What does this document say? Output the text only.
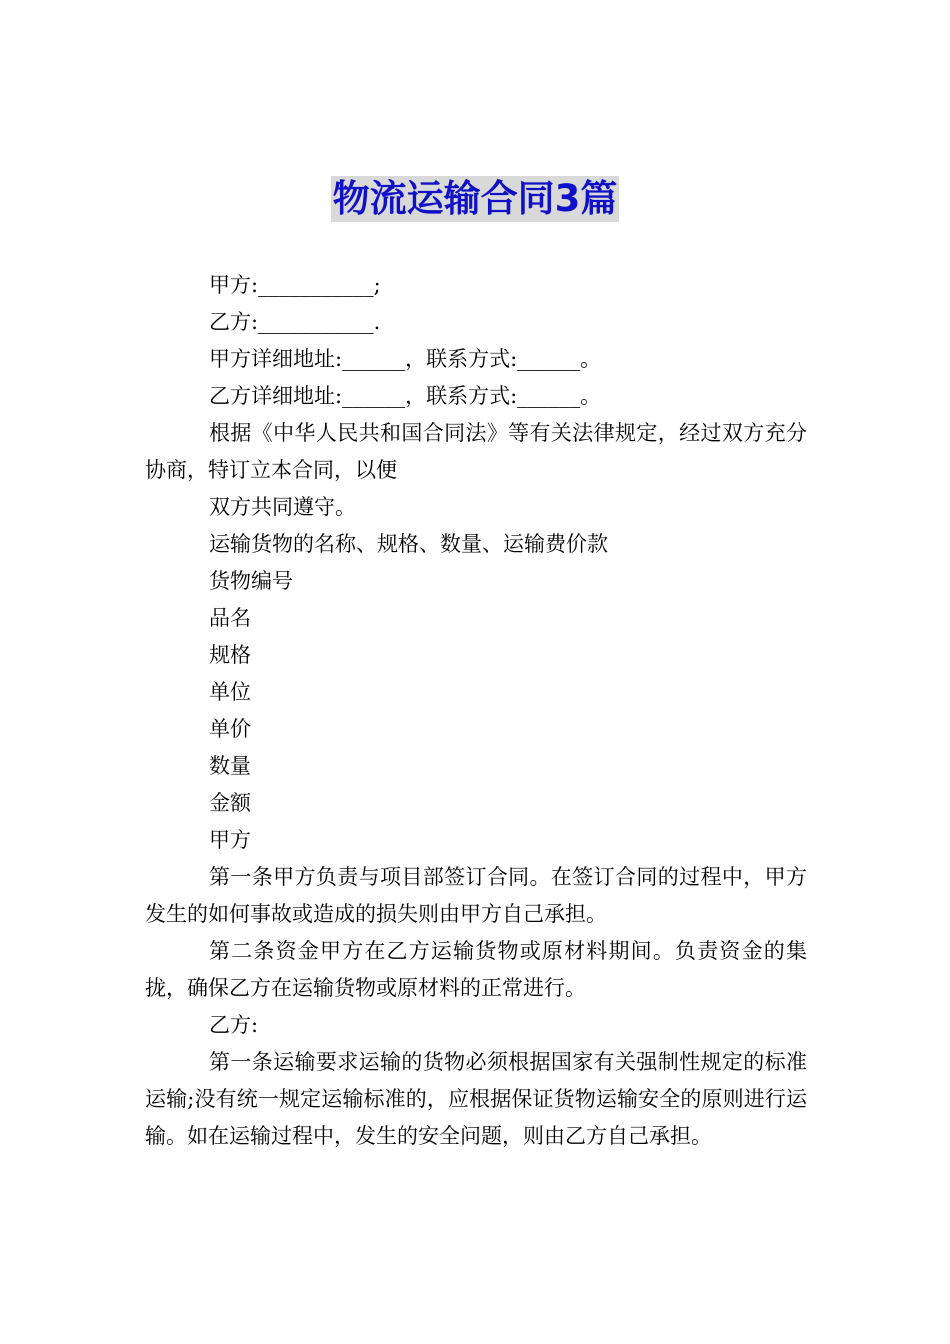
物流运输合同3篇

甲方:___________;

乙方:___________.

甲方详细地址:______，联系方式:______。

乙方详细地址:______，联系方式:______。

根据《中华人民共和国合同法》等有关法律规定，经过双方充分协商，特订立本合同，以便

双方共同遵守。

运输货物的名称、规格、数量、运输费价款

货物编号

品名

规格

单位

单价

数量

金额

甲方

第一条甲方负责与项目部签订合同。在签订合同的过程中，甲方发生的如何事故或造成的损失则由甲方自己承担。

第二条资金甲方在乙方运输货物或原材料期间。负责资金的集拢，确保乙方在运输货物或原材料的正常进行。

乙方:

第一条运输要求运输的货物必须根据国家有关强制性规定的标准运输;没有统一规定运输标准的，应根据保证货物运输安全的原则进行运输。如在运输过程中，发生的安全问题，则由乙方自己承担。
